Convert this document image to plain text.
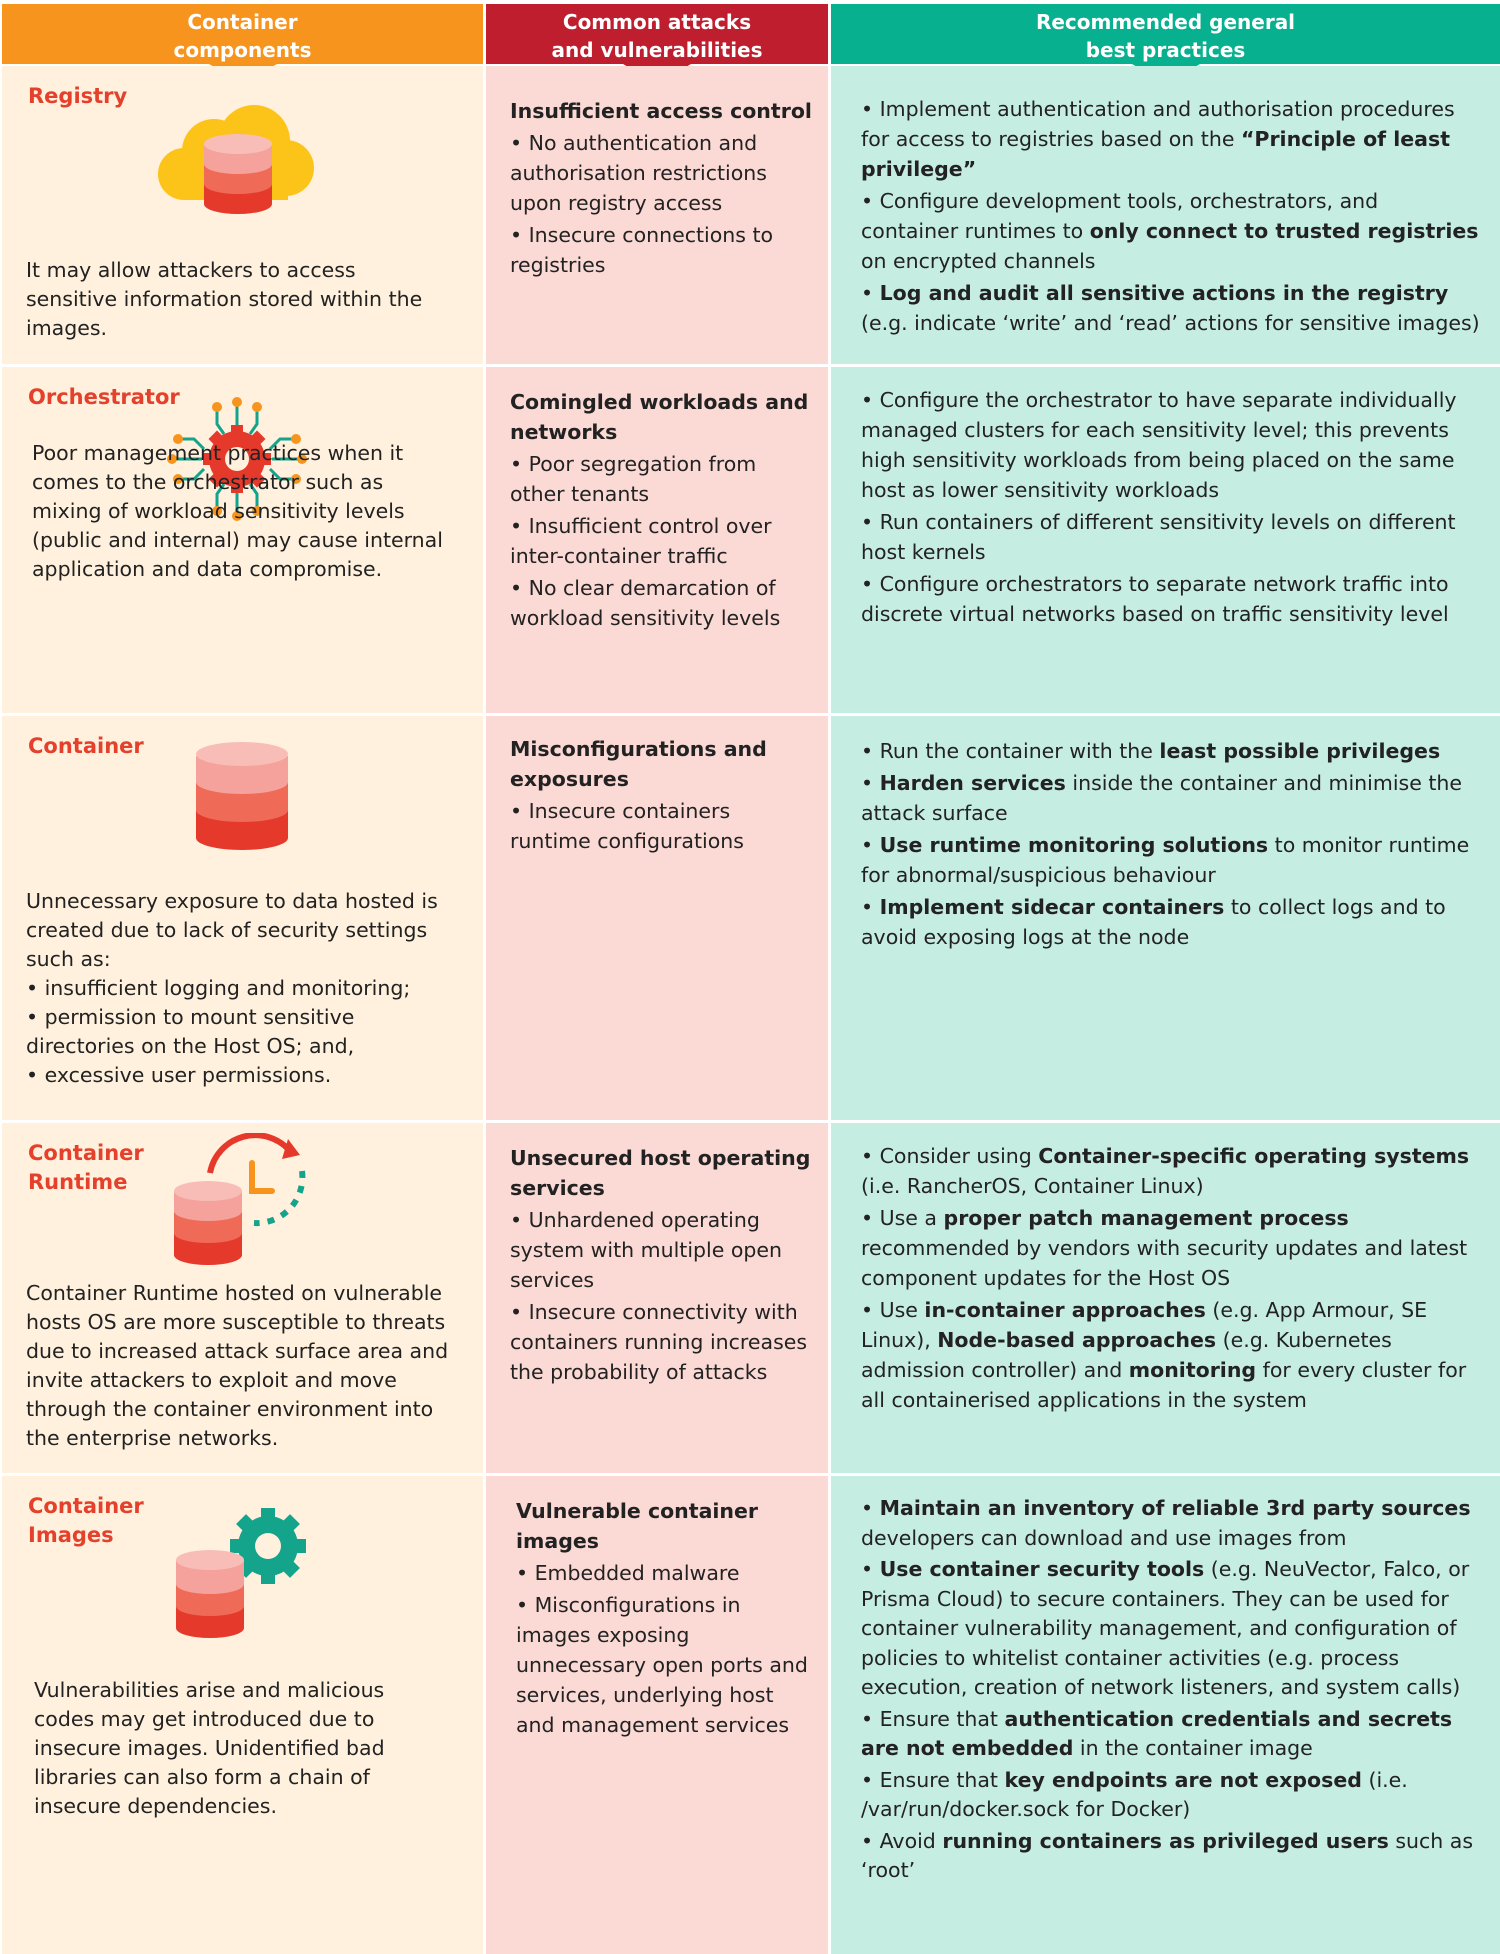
Container
components
Common attacks
and vulnerabilities
Recommended general
best practices
Registry
It may allow attackers to access sensitive information stored within the images.
Insufficient access control
• No authentication and authorisation restrictions upon registry access
• Insecure connections to registries
• Implement authentication and authorisation procedures for access to registries based on the “Principle of least privilege”
• Configure development tools, orchestrators, and container runtimes to only connect to trusted registries on encrypted channels
• Log and audit all sensitive actions in the registry (e.g. indicate ‘write’ and ‘read’ actions for sensitive images)
Orchestrator
Poor management practices when it comes to the orchestrator such as mixing of workload sensitivity levels (public and internal) may cause internal application and data compromise.
Comingled workloads and networks
• Poor segregation from other tenants
• Insufficient control over inter-container traffic
• No clear demarcation of workload sensitivity levels
• Configure the orchestrator to have separate individually managed clusters for each sensitivity level; this prevents high sensitivity workloads from being placed on the same host as lower sensitivity workloads
• Run containers of different sensitivity levels on different host kernels
• Configure orchestrators to separate network traffic into discrete virtual networks based on traffic sensitivity level
Container
Unnecessary exposure to data hosted is created due to lack of security settings such as:
• insufficient logging and monitoring;
• permission to mount sensitive directories on the Host OS; and,
• excessive user permissions.
Misconfigurations and exposures
• Insecure containers runtime configurations
• Run the container with the least possible privileges
• Harden services inside the container and minimise the attack surface
• Use runtime monitoring solutions to monitor runtime for abnormal/suspicious behaviour
• Implement sidecar containers to collect logs and to avoid exposing logs at the node
Container
Runtime
Container Runtime hosted on vulnerable hosts OS are more susceptible to threats due to increased attack surface area and invite attackers to exploit and move through the container environment into the enterprise networks.
Unsecured host operating services
• Unhardened operating system with multiple open services
• Insecure connectivity with containers running increases the probability of attacks
• Consider using Container-specific operating systems (i.e. RancherOS, Container Linux)
• Use a proper patch management process recommended by vendors with security updates and latest component updates for the Host OS
• Use in-container approaches (e.g. App Armour, SE Linux), Node-based approaches (e.g. Kubernetes admission controller) and monitoring for every cluster for all containerised applications in the system
Container
Images
Vulnerabilities arise and malicious codes may get introduced due to insecure images. Unidentified bad libraries can also form a chain of insecure dependencies.
Vulnerable container images
• Embedded malware
• Misconfigurations in images exposing unnecessary open ports and services, underlying host and management services
• Maintain an inventory of reliable 3rd party sources developers can download and use images from
• Use container security tools (e.g. NeuVector, Falco, or Prisma Cloud) to secure containers. They can be used for container vulnerability management, and configuration of policies to whitelist container activities (e.g. process execution, creation of network listeners, and system calls)
• Ensure that authentication credentials and secrets are not embedded in the container image
• Ensure that key endpoints are not exposed (i.e. /var/run/docker.sock for Docker)
• Avoid running containers as privileged users such as ‘root’
